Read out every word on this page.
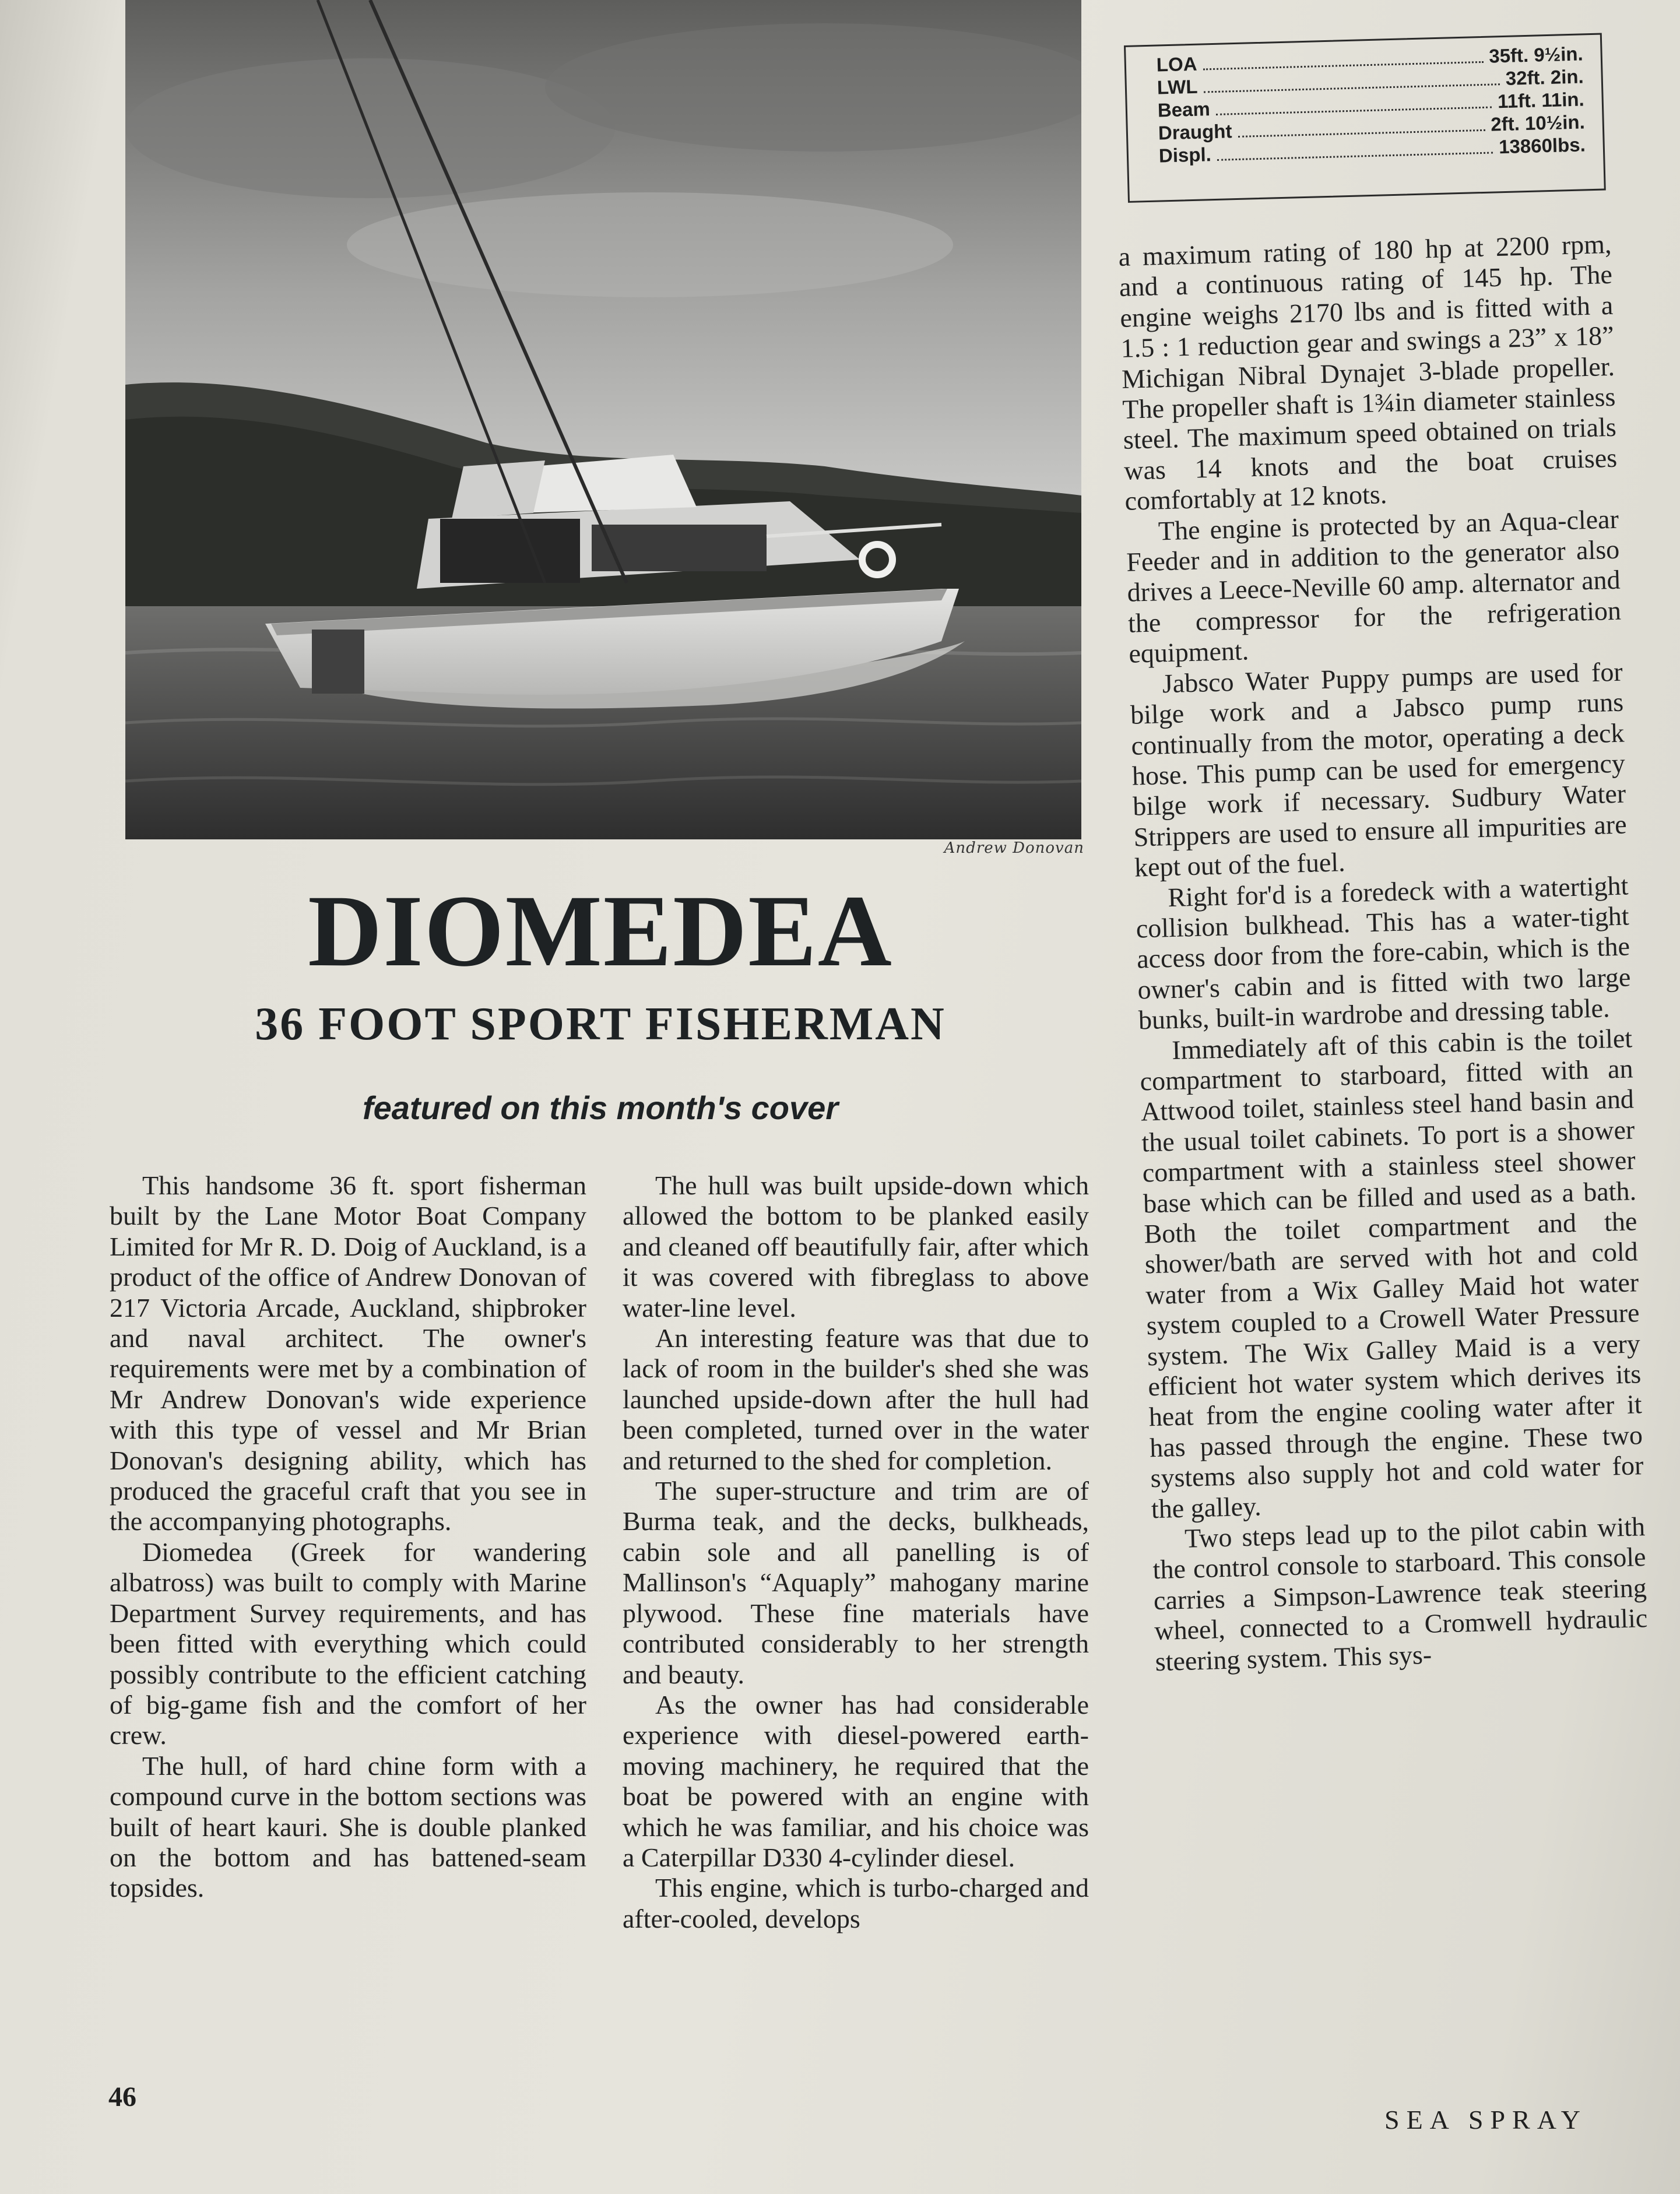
Andrew Donovan
LOA	35ft. 9½in.
LWL	32ft. 2in.
Beam	11ft. 11in.
Draught	2ft. 10½in.
Displ.	13860lbs.
DIOMEDEA
36 FOOT SPORT FISHERMAN
featured on this month's cover

This handsome 36 ft. sport fisherman built by the Lane Motor Boat Company Limited for Mr R. D. Doig of Auckland, is a product of the office of Andrew Donovan of 217 Victoria Arcade, Auckland, shipbroker and naval architect. The owner's requirements were met by a combination of Mr Andrew Donovan's wide experience with this type of vessel and Mr Brian Donovan's designing ability, which has produced the graceful craft that you see in the accompanying photographs.

Diomedea (Greek for wandering albatross) was built to comply with Marine Department Survey requirements, and has been fitted with everything which could possibly contribute to the efficient catching of big-game fish and the comfort of her crew.

The hull, of hard chine form with a compound curve in the bottom sections was built of heart kauri. She is double planked on the bottom and has battened-seam topsides.

The hull was built upside-down which allowed the bottom to be planked easily and cleaned off beautifully fair, after which it was covered with fibreglass to above water-line level.

An interesting feature was that due to lack of room in the builder's shed she was launched upside-down after the hull had been completed, turned over in the water and returned to the shed for completion.

The super-structure and trim are of Burma teak, and the decks, bulkheads, cabin sole and all panelling is of Mallinson's “Aquaply” mahogany marine plywood. These fine materials have contributed considerably to her strength and beauty.

As the owner has had considerable experience with diesel-powered earth-moving machinery, he required that the boat be powered with an engine with which he was familiar, and his choice was a Caterpillar D330 4-cylinder diesel.

This engine, which is turbo-charged and after-cooled, develops

a maximum rating of 180 hp at 2200 rpm, and a continuous rating of 145 hp. The engine weighs 2170 lbs and is fitted with a 1.5 : 1 reduction gear and swings a 23” x 18” Michigan Nibral Dynajet 3-blade propeller. The propeller shaft is 1¾in diameter stainless steel. The maximum speed obtained on trials was 14 knots and the boat cruises comfortably at 12 knots.

The engine is protected by an Aqua-clear Feeder and in addition to the generator also drives a Leece-Neville 60 amp. alternator and the compressor for the refrigeration equipment.

Jabsco Water Puppy pumps are used for bilge work and a Jabsco pump runs continually from the motor, operating a deck hose. This pump can be used for emergency bilge work if necessary. Sudbury Water Strippers are used to ensure all impurities are kept out of the fuel.

Right for'd is a foredeck with a watertight collision bulkhead. This has a water-tight access door from the fore-cabin, which is the owner's cabin and is fitted with two large bunks, built-in wardrobe and dressing table.

Immediately aft of this cabin is the toilet compartment to starboard, fitted with an Attwood toilet, stainless steel hand basin and the usual toilet cabinets. To port is a shower compartment with a stainless steel shower base which can be filled and used as a bath. Both the toilet compartment and the shower/bath are served with hot and cold water from a Wix Galley Maid hot water system coupled to a Crowell Water Pressure system. The Wix Galley Maid is a very efficient hot water system which derives its heat from the engine cooling water after it has passed through the engine. These two systems also supply hot and cold water for the galley.

Two steps lead up to the pilot cabin with the control console to starboard. This console carries a Simpson-Lawrence teak steering wheel, connected to a Cromwell hydraulic steering system. This sys-

46
SEA SPRAY
